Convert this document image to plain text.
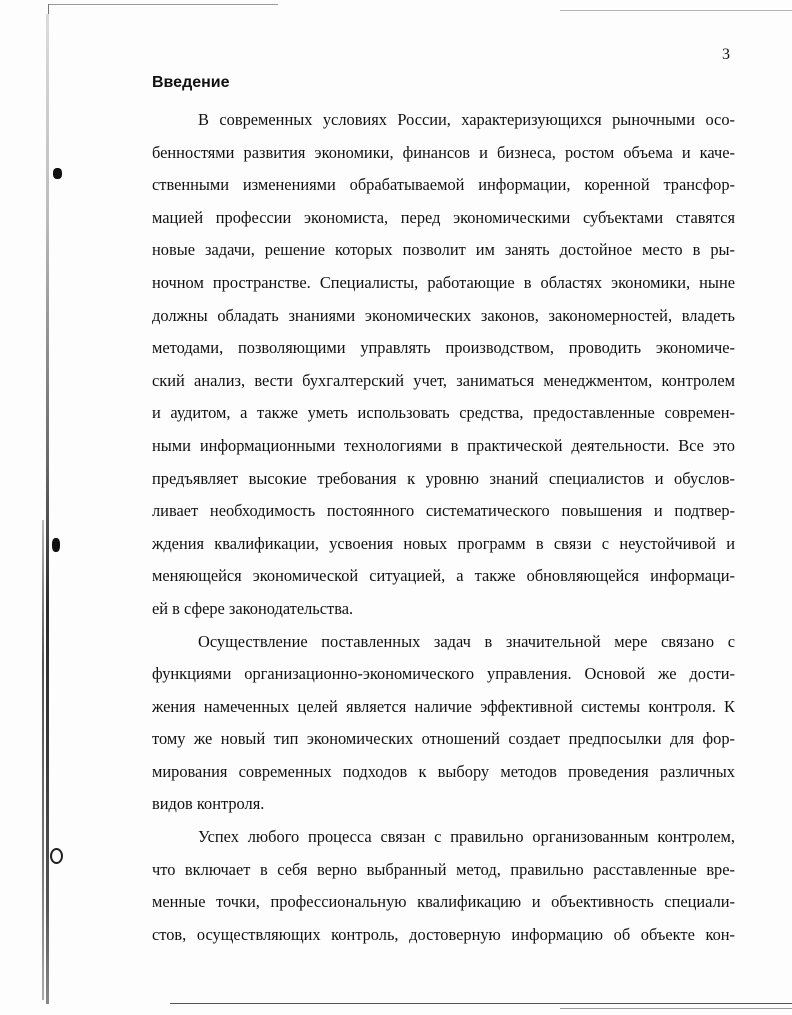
3
Введение

В современных условиях России, характеризующихся рыночными осо-
бенностями развития экономики, финансов и бизнеса, ростом объема и каче-
ственными изменениями обрабатываемой информации, коренной трансфор-
мацией профессии экономиста, перед экономическими субъектами ставятся
новые задачи, решение которых позволит им занять достойное место в ры-
ночном пространстве. Специалисты, работающие в областях экономики, ныне
должны обладать знаниями экономических законов, закономерностей, владеть
методами, позволяющими управлять производством, проводить экономиче-
ский анализ, вести бухгалтерский учет, заниматься менеджментом, контролем
и аудитом, а также уметь использовать средства, предоставленные современ-
ными информационными технологиями в практической деятельности. Все это
предъявляет высокие требования к уровню знаний специалистов и обуслов-
ливает необходимость постоянного систематического повышения и подтвер-
ждения квалификации, усвоения новых программ в связи с неустойчивой и
меняющейся экономической ситуацией, а также обновляющейся информаци-
ей в сфере законодательства.

Осуществление поставленных задач в значительной мере связано с
функциями организационно-экономического управления. Основой же дости-
жения намеченных целей является наличие эффективной системы контроля. К
тому же новый тип экономических отношений создает предпосылки для фор-
мирования современных подходов к выбору методов проведения различных
видов контроля.

Успех любого процесса связан с правильно организованным контролем,
что включает в себя верно выбранный метод, правильно расставленные вре-
менные точки, профессиональную квалификацию и объективность специали-
стов, осуществляющих контроль, достоверную информацию об объекте кон-
